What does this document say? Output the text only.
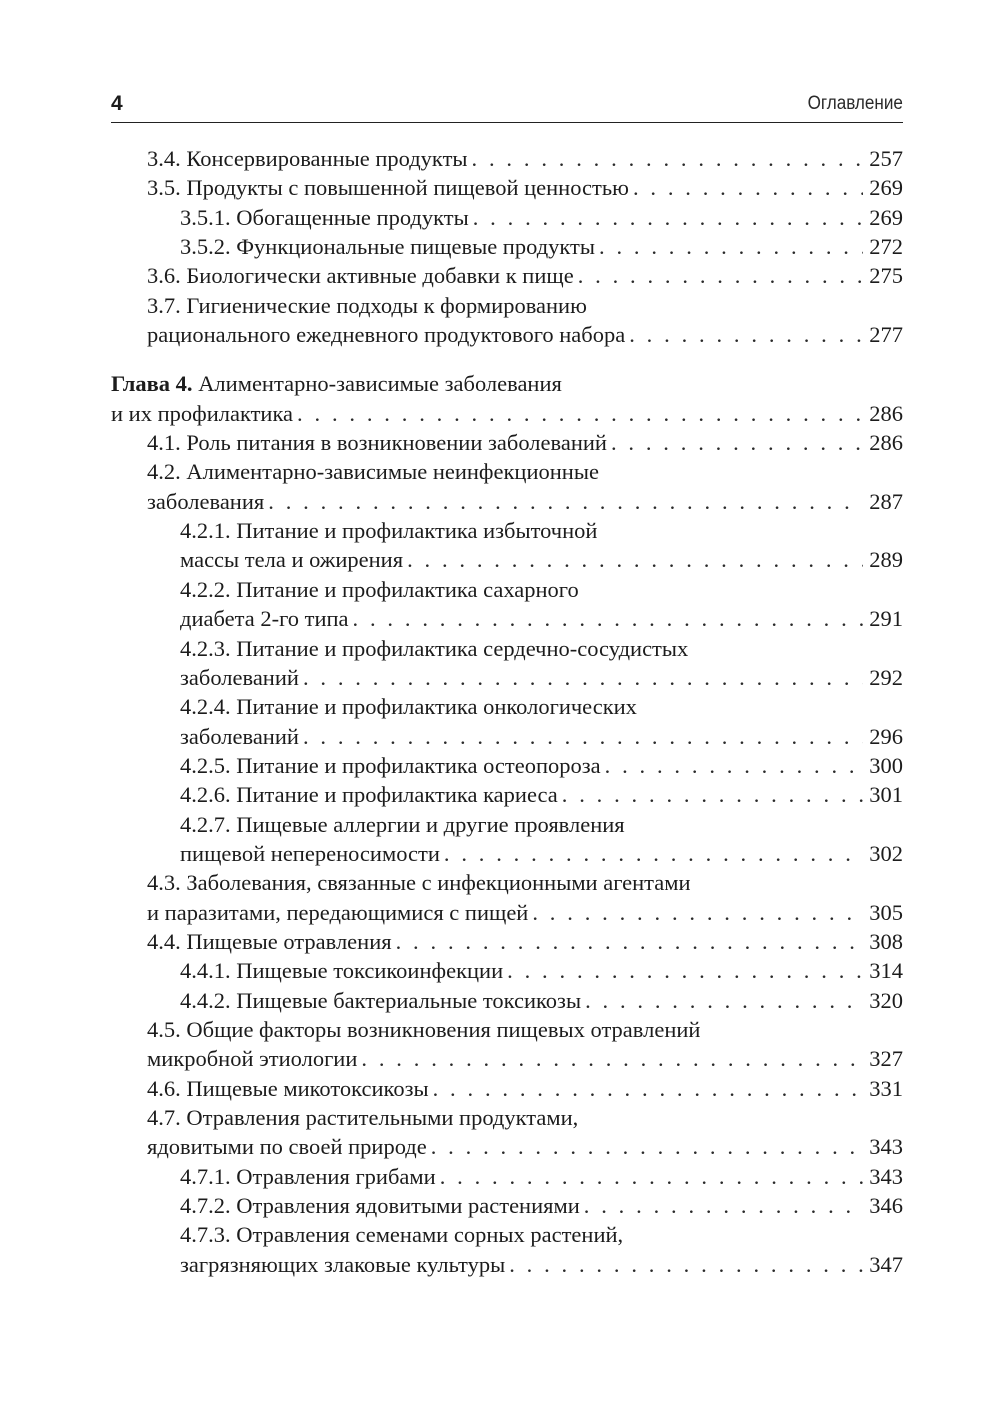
4	Оглавление
3.4. Консервированные продукты . . .	257
3.5. Продукты с повышенной пищевой ценностью . . .	269
3.5.1. Обогащенные продукты . . .	269
3.5.2. Функциональные пищевые продукты . . .	272
3.6. Биологически активные добавки к пище . . .	275
3.7. Гигиенические подходы к формированию
рационального ежедневного продуктового набора . . .	277
Глава 4. Алиментарно-зависимые заболевания
и их профилактика . . .	286
4.1. Роль питания в возникновении заболеваний . . .	286
4.2. Алиментарно-зависимые неинфекционные
заболевания . . .	287
4.2.1. Питание и профилактика избыточной
массы тела и ожирения . . .	289
4.2.2. Питание и профилактика сахарного
диабета 2-го типа . . .	291
4.2.3. Питание и профилактика сердечно-сосудистых
заболеваний . . .	292
4.2.4. Питание и профилактика онкологических
заболеваний . . .	296
4.2.5. Питание и профилактика остеопороза . . .	300
4.2.6. Питание и профилактика кариеса . . .	301
4.2.7. Пищевые аллергии и другие проявления
пищевой непереносимости . . .	302
4.3. Заболевания, связанные с инфекционными агентами
и паразитами, передающимися с пищей . . .	305
4.4. Пищевые отравления . . .	308
4.4.1. Пищевые токсикоинфекции . . .	314
4.4.2. Пищевые бактериальные токсикозы . . .	320
4.5. Общие факторы возникновения пищевых отравлений
микробной этиологии . . .	327
4.6. Пищевые микотоксикозы . . .	331
4.7. Отравления растительными продуктами,
ядовитыми по своей природе . . .	343
4.7.1. Отравления грибами . . .	343
4.7.2. Отравления ядовитыми растениями . . .	346
4.7.3. Отравления семенами сорных растений,
загрязняющих злаковые культуры . . .	347
